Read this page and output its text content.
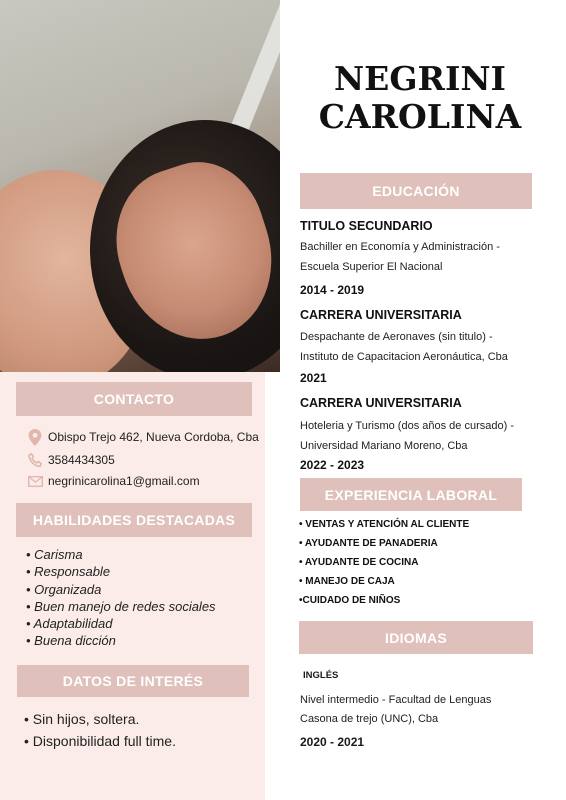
NEGRINI
CAROLINA
CONTACTO
Obispo Trejo 462, Nueva Cordoba, Cba
3584434305
negrinicarolina1@gmail.com
HABILIDADES DESTACADAS
• Carisma
• Responsable
• Organizada
• Buen manejo de redes sociales
• Adaptabilidad
• Buena dicción
DATOS DE INTERÉS
• Sin hijos, soltera.
• Disponibilidad full time.
EDUCACIÓN
TITULO SECUNDARIO
Bachiller en Economía y Administración -
Escuela Superior El Nacional
2014 - 2019
CARRERA UNIVERSITARIA
Despachante de Aeronaves (sin titulo) -
Instituto de Capacitacion Aeronáutica, Cba
2021
CARRERA UNIVERSITARIA
Hoteleria y Turismo (dos años de cursado) -
Universidad Mariano Moreno, Cba
2022 - 2023
EXPERIENCIA LABORAL
• VENTAS Y ATENCIÓN AL CLIENTE
• AYUDANTE DE PANADERIA
• AYUDANTE DE COCINA
• MANEJO DE CAJA
•CUIDADO DE NIÑOS
IDIOMAS
INGLÉS
Nivel intermedio - Facultad de Lenguas
Casona de trejo (UNC), Cba
2020 - 2021
